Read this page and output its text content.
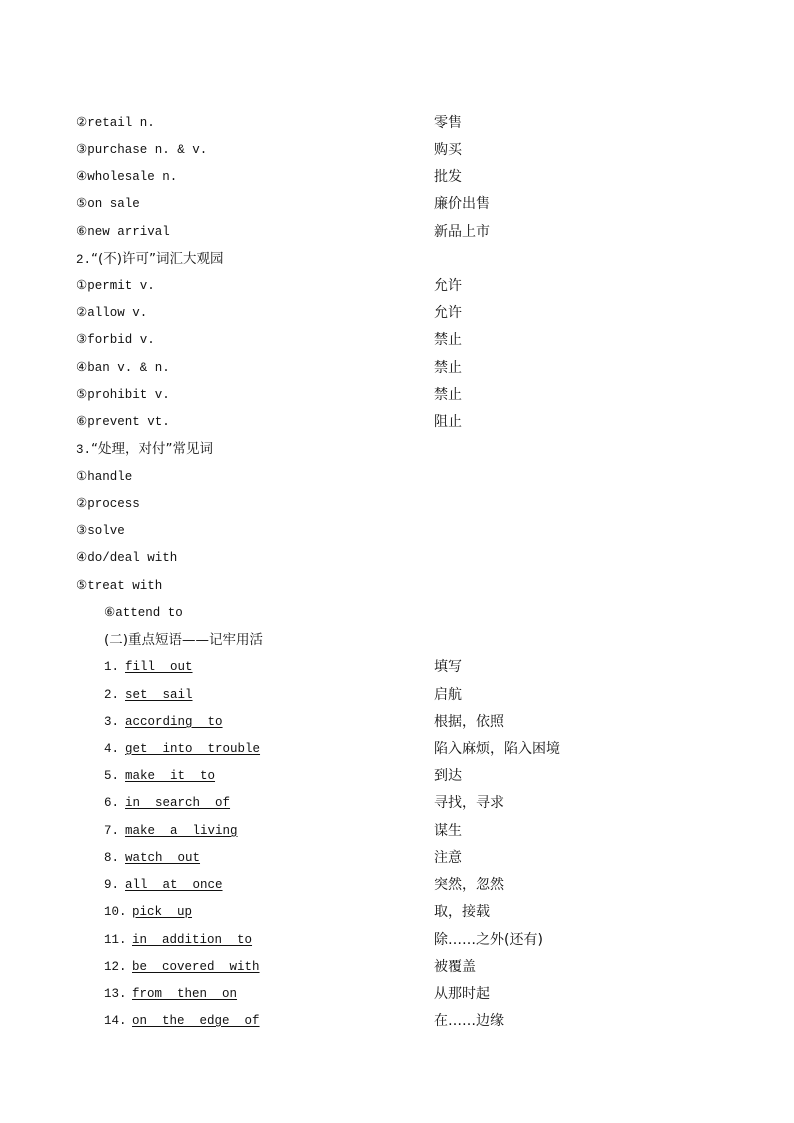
②retail n.	零售
③purchase n. & v.	购买
④wholesale n.	批发
⑤on sale	廉价出售
⑥new arrival	新品上市
2.“(不)许可”词汇大观园
①permit v.	允许
②allow v.	允许
③forbid v.	禁止
④ban v. & n.	禁止
⑤prohibit v.	禁止
⑥prevent vt.	阻止
3.“处理，对付”常见词
①handle
②process
③solve
④do/deal with
⑤treat with
⑥attend to
(二)重点短语——记牢用活
1. fill  out	填写
2. set  sail	启航
3. according  to	根据，依照
4. get  into  trouble	陷入麻烦，陷入困境
5. make  it  to	到达
6. in  search  of	寻找，寻求
7. make  a  living	谋生
8. watch  out	注意
9. all  at  once	突然，忽然
10. pick  up	取，接载
11. in  addition  to	除……之外(还有)
12. be  covered  with	被覆盖
13. from  then  on	从那时起
14. on  the  edge  of	在……边缘
